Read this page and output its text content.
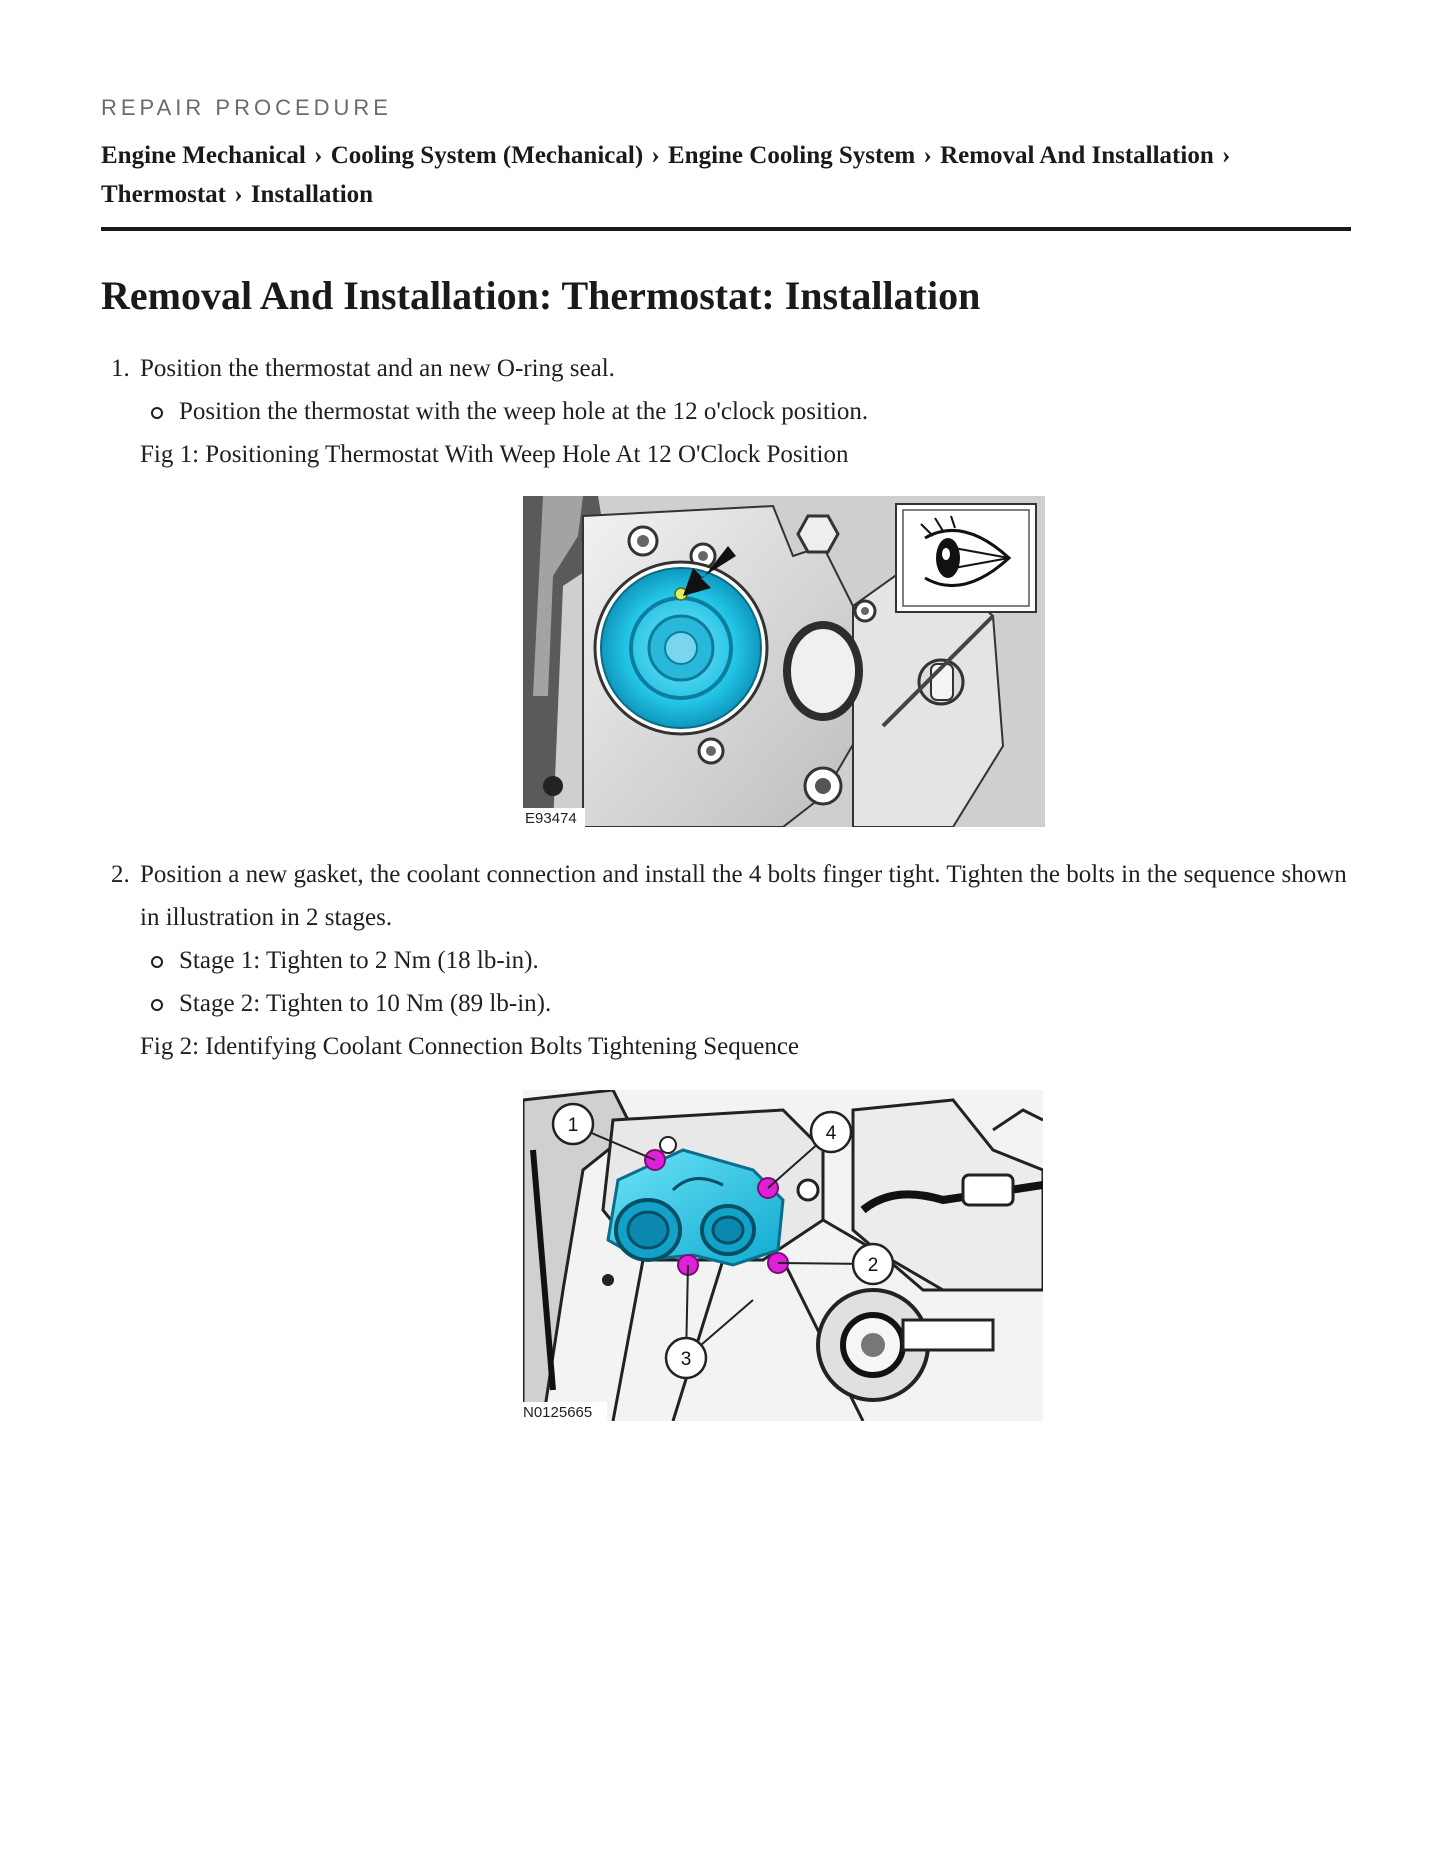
REPAIR PROCEDURE
Engine Mechanical › Cooling System (Mechanical) › Engine Cooling System › Removal And Installation › Thermostat › Installation
Removal And Installation: Thermostat: Installation
1. Position the thermostat and an new O-ring seal.
Position the thermostat with the weep hole at the 12 o'clock position.
Fig 1: Positioning Thermostat With Weep Hole At 12 O'Clock Position
E93474
2. Position a new gasket, the coolant connection and install the 4 bolts finger tight. Tighten the bolts in the sequence shown in illustration in 2 stages.
Stage 1: Tighten to 2 Nm (18 lb-in).
Stage 2: Tighten to 10 Nm (89 lb-in).
Fig 2: Identifying Coolant Connection Bolts Tightening Sequence
1	4
2
3
N0125665
